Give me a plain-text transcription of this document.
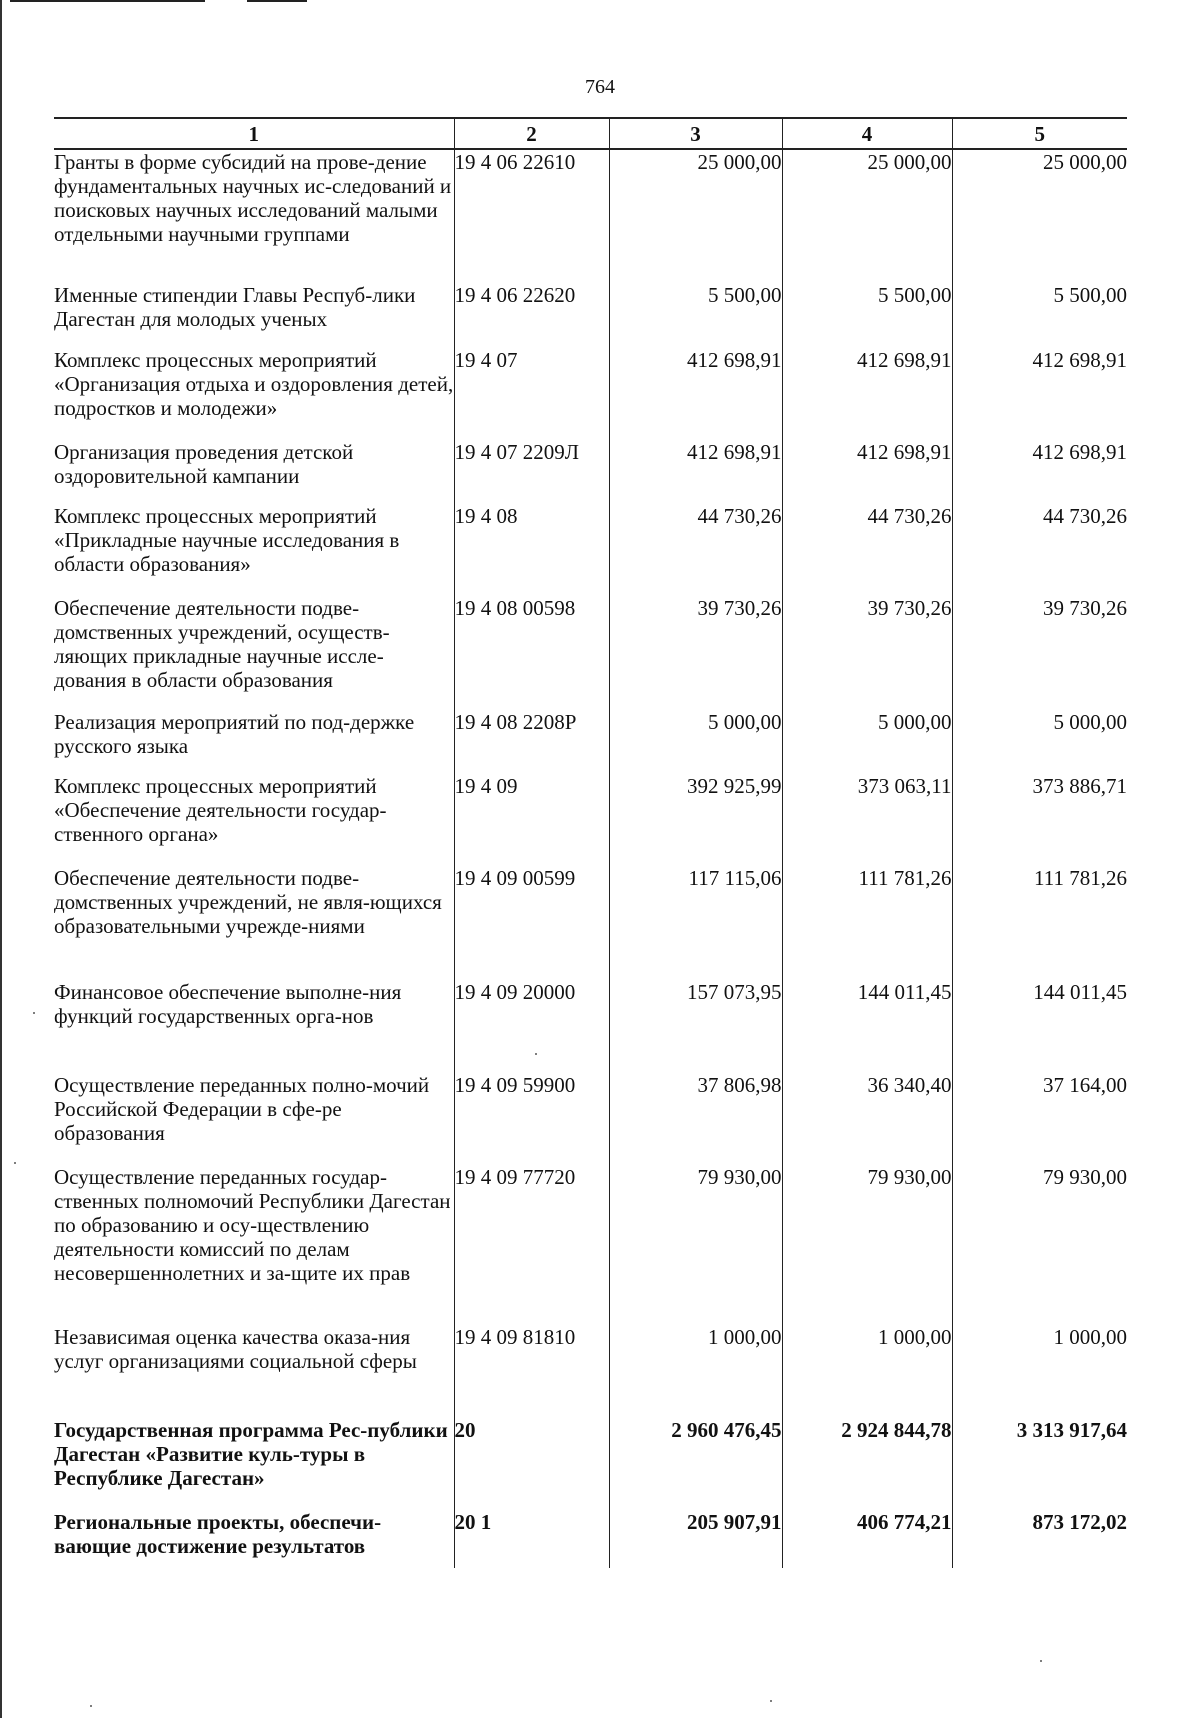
764
1	2	3	4	5
Гранты в форме субсидий на прове-дение фундаментальных научных ис-следований и поисковых научных исследований малыми отдельными научными группами	19 4 06 22610	25 000,00	25 000,00	25 000,00
Именные стипендии Главы Респуб-лики Дагестан для молодых ученых	19 4 06 22620	5 500,00	5 500,00	5 500,00
Комплекс процессных мероприятий «Организация отдыха и оздоровления детей, подростков и молодежи»	19 4 07	412 698,91	412 698,91	412 698,91
Организация проведения детской оздоровительной кампании	19 4 07 2209Л	412 698,91	412 698,91	412 698,91
Комплекс процессных мероприятий «Прикладные научные исследования в области образования»	19 4 08	44 730,26	44 730,26	44 730,26
Обеспечение деятельности подве-домственных учреждений, осуществ-ляющих прикладные научные иссле-дования в области образования	19 4 08 00598	39 730,26	39 730,26	39 730,26
Реализация мероприятий по под-держке русского языка	19 4 08 2208Р	5 000,00	5 000,00	5 000,00
Комплекс процессных мероприятий «Обеспечение деятельности государ-ственного органа»	19 4 09	392 925,99	373 063,11	373 886,71
Обеспечение деятельности подве-домственных учреждений, не явля-ющихся образовательными учрежде-ниями	19 4 09 00599	117 115,06	111 781,26	111 781,26
Финансовое обеспечение выполне-ния функций государственных орга-нов	19 4 09 20000	157 073,95	144 011,45	144 011,45
Осуществление переданных полно-мочий Российской Федерации в сфе-ре образования	19 4 09 59900	37 806,98	36 340,40	37 164,00
Осуществление переданных государ-ственных полномочий Республики Дагестан по образованию и осу-ществлению деятельности комиссий по делам несовершеннолетних и за-щите их прав	19 4 09 77720	79 930,00	79 930,00	79 930,00
Независимая оценка качества оказа-ния услуг организациями социальной сферы	19 4 09 81810	1 000,00	1 000,00	1 000,00
Государственная программа Рес-публики Дагестан «Развитие куль-туры в Республике Дагестан»	20	2 960 476,45	2 924 844,78	3 313 917,64
Региональные проекты, обеспечи-вающие достижение результатов	20 1	205 907,91	406 774,21	873 172,02
